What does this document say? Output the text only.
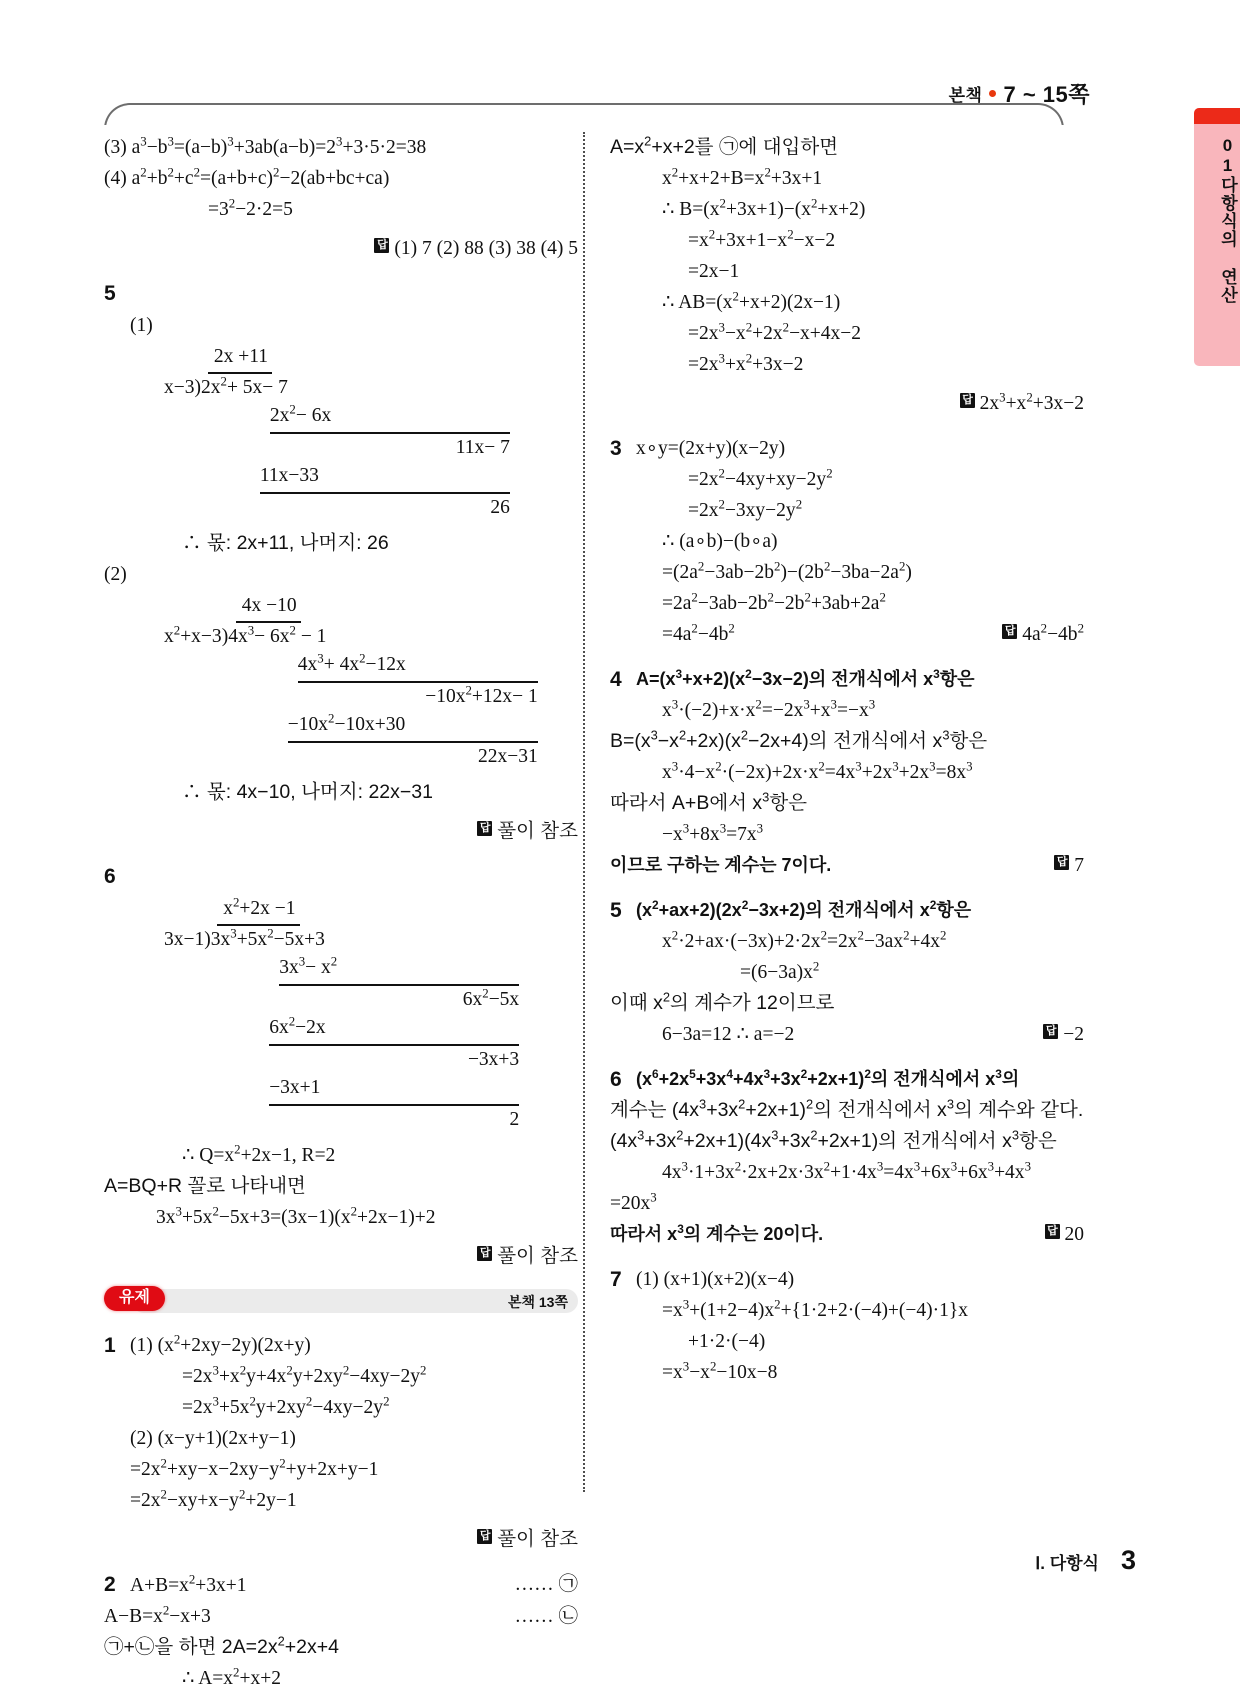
본책 7 ~ 15쪽
01다항식의 연산
(3) $a^3-b^3=(a-b)^3+3ab(a-b)=2^3+3\cdot 5\cdot 2=38$
(4) $a^2+b^2+c^2=(a+b+c)^2-2(ab+bc+ca)$
$=3^2-2\cdot 2=5$
답 (1) 7 (2) 88 (3) 38 (4) 5
5
(1)
2x +11
$x-3)2x^2+ 5x- 7$
$2x^2- 6x$
11x− 7
11x−33
26
∴ 몫: 2x+11, 나머지: 26
(2)
4x −10
$x^2+x-3)4x^3- 6x^2 - 1$
$4x^3+ 4x^2-12x$
$-10x^2+12x- 1$
$-10x^2-10x+30$
22x−31
∴ 몫: 4x−10, 나머지: 22x−31
답 풀이 참조
6
$x^2+2x -1$
$3x-1)3x^3+5x^2-5x+3$
$3x^3- x^2$
$6x^2-5x$
$6x^2-2x$
−3x+3
−3x+1
2
∴ $Q=x^2+2x-1$, R=2
A=BQ+R 꼴로 나타내면
$3x^3+5x^2-5x+3=(3x-1)(x^2+2x-1)+2$
답 풀이 참조
유제	본책 13쪽
1 (1) $(x^2+2xy-2y)(2x+y)$
$=2x^3+x^2y+4x^2y+2xy^2-4xy-2y^2$
$=2x^3+5x^2y+2xy^2-4xy-2y^2$
(2) (x−y+1)(2x+y−1)
$=2x^2+xy-x-2xy-y^2+y+2x+y-1$
$=2x^2-xy+x-y^2+2y-1$
답 풀이 참조
2 $A+B=x^2+3x+1$	…… ㉠
$A-B=x^2-x+3$	…… ㉡
㉠+㉡을 하면 $2A=2x^2+2x+4$
∴ $A=x^2+x+2$
$A=x^2+x+2$를 ㉠에 대입하면
$x^2+x+2+B=x^2+3x+1$
∴ $B=(x^2+3x+1)-(x^2+x+2)$
$=x^2+3x+1-x^2-x-2$
=2x−1
∴ $AB=(x^2+x+2)(2x-1)$
$=2x^3-x^2+2x^2-x+4x-2$
$=2x^3+x^2+3x-2$
답 $2x^3+x^2+3x-2$
3 x∘y=(2x+y)(x−2y)
$=2x^2-4xy+xy-2y^2$
$=2x^2-3xy-2y^2$
∴ (a∘b)−(b∘a)
$=(2a^2-3ab-2b^2)-(2b^2-3ba-2a^2)$
$=2a^2-3ab-2b^2-2b^2+3ab+2a^2$
$=4a^2-4b^2$	답 $4a^2-4b^2$
4 $A=(x^3+x+2)(x^2-3x-2)$의 전개식에서 $x^3$항은
$x^3\cdot(-2)+x\cdot x^2=-2x^3+x^3=-x^3$
$B=(x^3-x^2+2x)(x^2-2x+4)$의 전개식에서 $x^3$항은
$x^3\cdot 4-x^2\cdot(-2x)+2x\cdot x^2=4x^3+2x^3+2x^3=8x^3$
따라서 A+B에서 $x^3$항은
$-x^3+8x^3=7x^3$
이므로 구하는 계수는 7이다.	답 7
5 $(x^2+ax+2)(2x^2-3x+2)$의 전개식에서 $x^2$항은
$x^2\cdot 2+ax\cdot(-3x)+2\cdot 2x^2=2x^2-3ax^2+4x^2$
$=(6-3a)x^2$
이때 $x^2$의 계수가 12이므로
6−3a=12 ∴ a=−2	답 −2
6 $(x^6+2x^5+3x^4+4x^3+3x^2+2x+1)^2$의 전개식에서 $x^3$의
계수는 $(4x^3+3x^2+2x+1)^2$의 전개식에서 $x^3$의 계수와 같다.
$(4x^3+3x^2+2x+1)(4x^3+3x^2+2x+1)$의 전개식에서 $x^3$항은
$4x^3\cdot 1+3x^2\cdot 2x+2x\cdot 3x^2+1\cdot 4x^3=4x^3+6x^3+6x^3+4x^3$
$=20x^3$
따라서 $x^3$의 계수는 20이다.	답 20
7 (1) (x+1)(x+2)(x−4)
$=x^3+(1+2-4)x^2+\{1\cdot 2+2\cdot(-4)+(-4)\cdot 1\}x$
+1·2·(−4)
$=x^3-x^2-10x-8$
Ⅰ. 다항식 3
